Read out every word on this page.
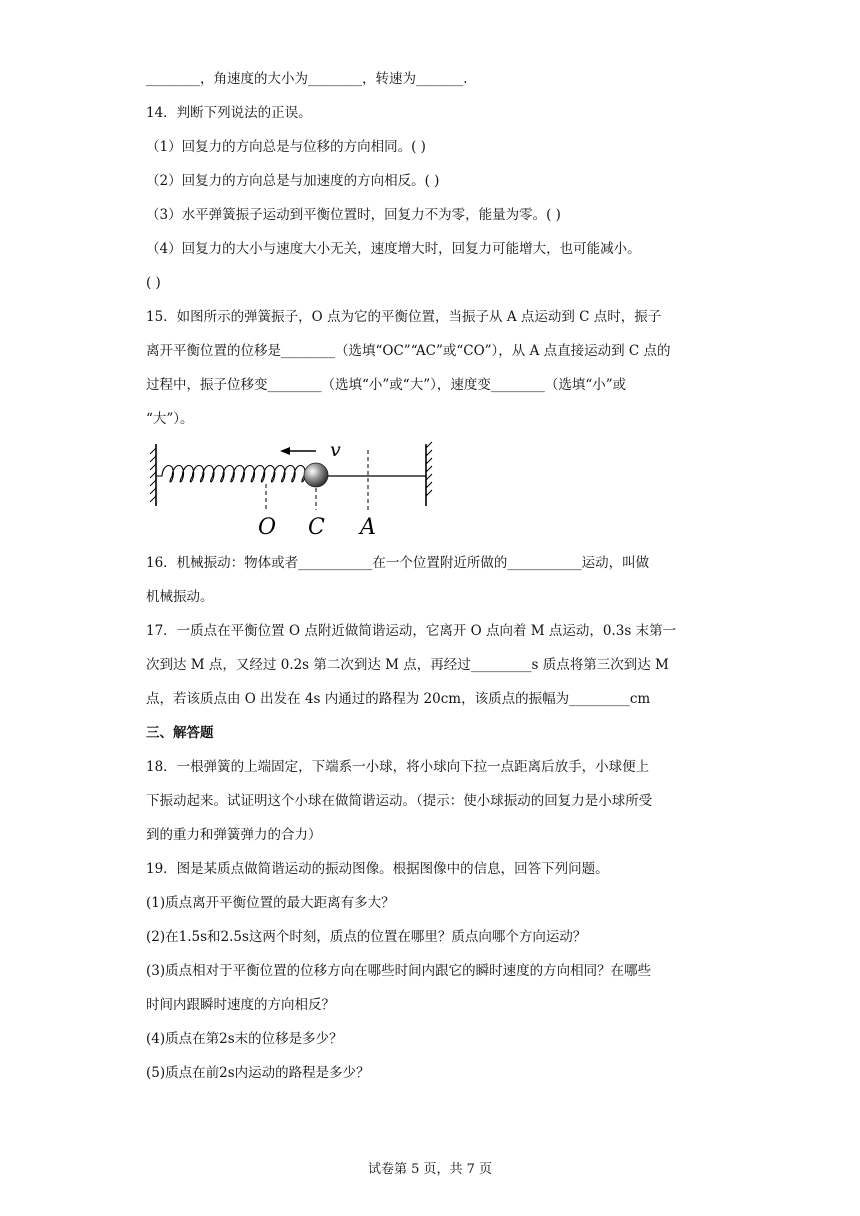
________，角速度的大小为________，转速为_______.
14．判断下列说法的正误。
（1）回复力的方向总是与位移的方向相同。( )
（2）回复力的方向总是与加速度的方向相反。( )
（3）水平弹簧振子运动到平衡位置时，回复力不为零，能量为零。( )
（4）回复力的大小与速度大小无关，速度增大时，回复力可能增大，也可能减小。
( )
15．如图所示的弹簧振子，O 点为它的平衡位置，当振子从 A 点运动到 C 点时，振子
离开平衡位置的位移是________（选填“OC”“AC”或“CO”），从 A 点直接运动到 C 点的
过程中，振子位移变________（选填“小”或“大”），速度变________（选填“小”或
“大”）。
v
O C A
16．机械振动：物体或者___________在一个位置附近所做的___________运动，叫做
机械振动。
17．一质点在平衡位置 O 点附近做简谐运动，它离开 O 点向着 M 点运动，0.3s 末第一
次到达 M 点，又经过 0.2s 第二次到达 M 点，再经过_________s 质点将第三次到达 M
点，若该质点由 O 出发在 4s 内通过的路程为 20cm，该质点的振幅为_________cm
三、解答题
18．一根弹簧的上端固定，下端系一小球，将小球向下拉一点距离后放手，小球便上
下振动起来。试证明这个小球在做简谐运动。（提示：使小球振动的回复力是小球所受
到的重力和弹簧弹力的合力）
19．图是某质点做简谐运动的振动图像。根据图像中的信息，回答下列问题。
(1)质点离开平衡位置的最大距离有多大？
(2)在1.5s和2.5s这两个时刻，质点的位置在哪里？质点向哪个方向运动？
(3)质点相对于平衡位置的位移方向在哪些时间内跟它的瞬时速度的方向相同？在哪些
时间内跟瞬时速度的方向相反？
(4)质点在第2s末的位移是多少？
(5)质点在前2s内运动的路程是多少？
试卷第 5 页，共 7 页
